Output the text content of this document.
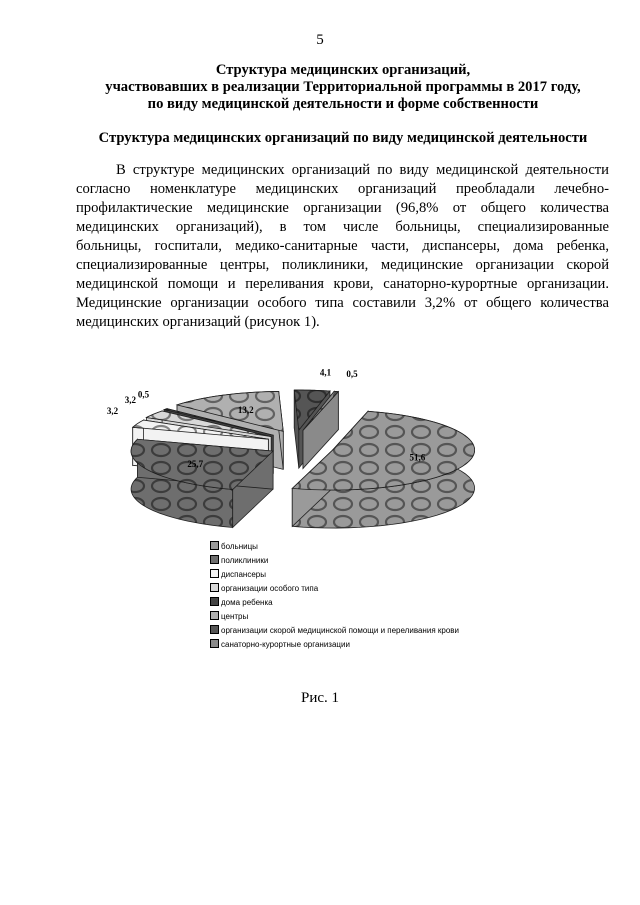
5
Структура медицинских организаций,
участвовавших в реализации Территориальной программы в 2017 году,
по виду медицинской деятельности и форме собственности
Структура медицинских организаций по виду медицинской деятельности
В структуре медицинских организаций по виду медицинской деятельности
согласно номенклатуре медицинских организаций преобладали лечебно-
профилактические медицинские организации (96,8% от общего количества
медицинских организаций), в том числе больницы, специализированные
больницы, госпитали, медико-санитарные части, диспансеры, дома ребенка,
специализированные центры, поликлиники, медицинские организации скорой
медицинской помощи и переливания крови, санаторно-курортные организации.
Медицинские организации особого типа составили 3,2% от общего количества
медицинских организаций (рисунок 1).
51,6
25,7
3,2
3,2
0,5
13,2
4,1 0,5
больницы
поликлиники
диспансеры
организации особого типа
дома ребенка
центры
организации скорой медицинской помощи и переливания крови
санаторно-курортные организации
Рис. 1
